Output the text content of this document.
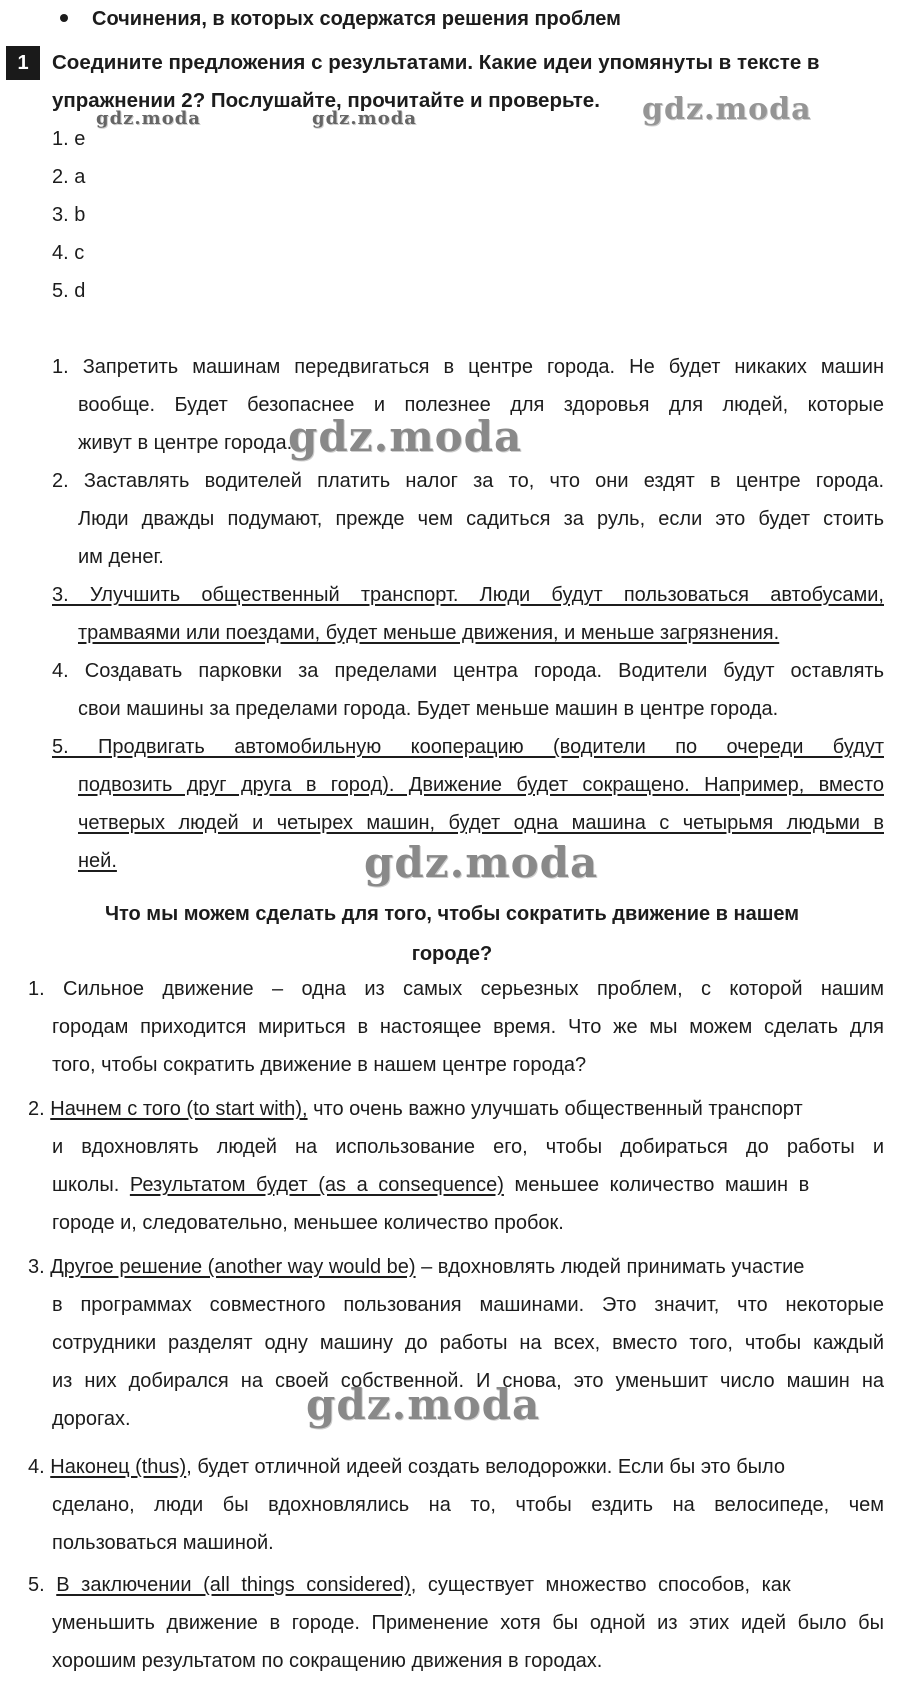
Сочинения, в которых содержатся решения проблем
1	Соедините предложения с результатами. Какие идеи упомянуты в тексте в
упражнении 2? Послушайте, прочитайте и проверьте.
1. e
2. a
3. b
4. c
5. d
1. Запретить машинам передвигаться в центре города. Не будет никаких машин
вообще. Будет безопаснее и полезнее для здоровья для людей, которые
живут в центре города.
2. Заставлять водителей платить налог за то, что они ездят в центре города.
Люди дважды подумают, прежде чем садиться за руль, если это будет стоить
им денег.
3. Улучшить общественный транспорт. Люди будут пользоваться автобусами,
трамваями или поездами, будет меньше движения, и меньше загрязнения.
4. Создавать парковки за пределами центра города. Водители будут оставлять
свои машины за пределами города. Будет меньше машин в центре города.
5. Продвигать автомобильную кооперацию (водители по очереди будут
подвозить друг друга в город). Движение будет сокращено. Например, вместо
четверых людей и четырех машин, будет одна машина с четырьмя людьми в
ней.
Что мы можем сделать для того, чтобы сократить движение в нашем
городе?
1. Сильное движение – одна из самых серьезных проблем, с которой нашим
городам приходится мириться в настоящее время. Что же мы можем сделать для
того, чтобы сократить движение в нашем центре города?
2. Начнем с того (to start with), что очень важно улучшать общественный транспорт
и вдохновлять людей на использование его, чтобы добираться до работы и
школы. Результатом будет (as a consequence) меньшее количество машин в
городе и, следовательно, меньшее количество пробок.
3. Другое решение (another way would be) – вдохновлять людей принимать участие
в программах совместного пользования машинами. Это значит, что некоторые
сотрудники разделят одну машину до работы на всех, вместо того, чтобы каждый
из них добирался на своей собственной. И снова, это уменьшит число машин на
дорогах.
4. Наконец (thus), будет отличной идеей создать велодорожки. Если бы это было
сделано, люди бы вдохновлялись на то, чтобы ездить на велосипеде, чем
пользоваться машиной.
5. В заключении (all things considered), существует множество способов, как
уменьшить движение в городе. Применение хотя бы одной из этих идей было бы
хорошим результатом по сокращению движения в городах.
gdz.moda	gdz.moda	gdz.moda
gdz.moda
gdz.moda
gdz.moda
